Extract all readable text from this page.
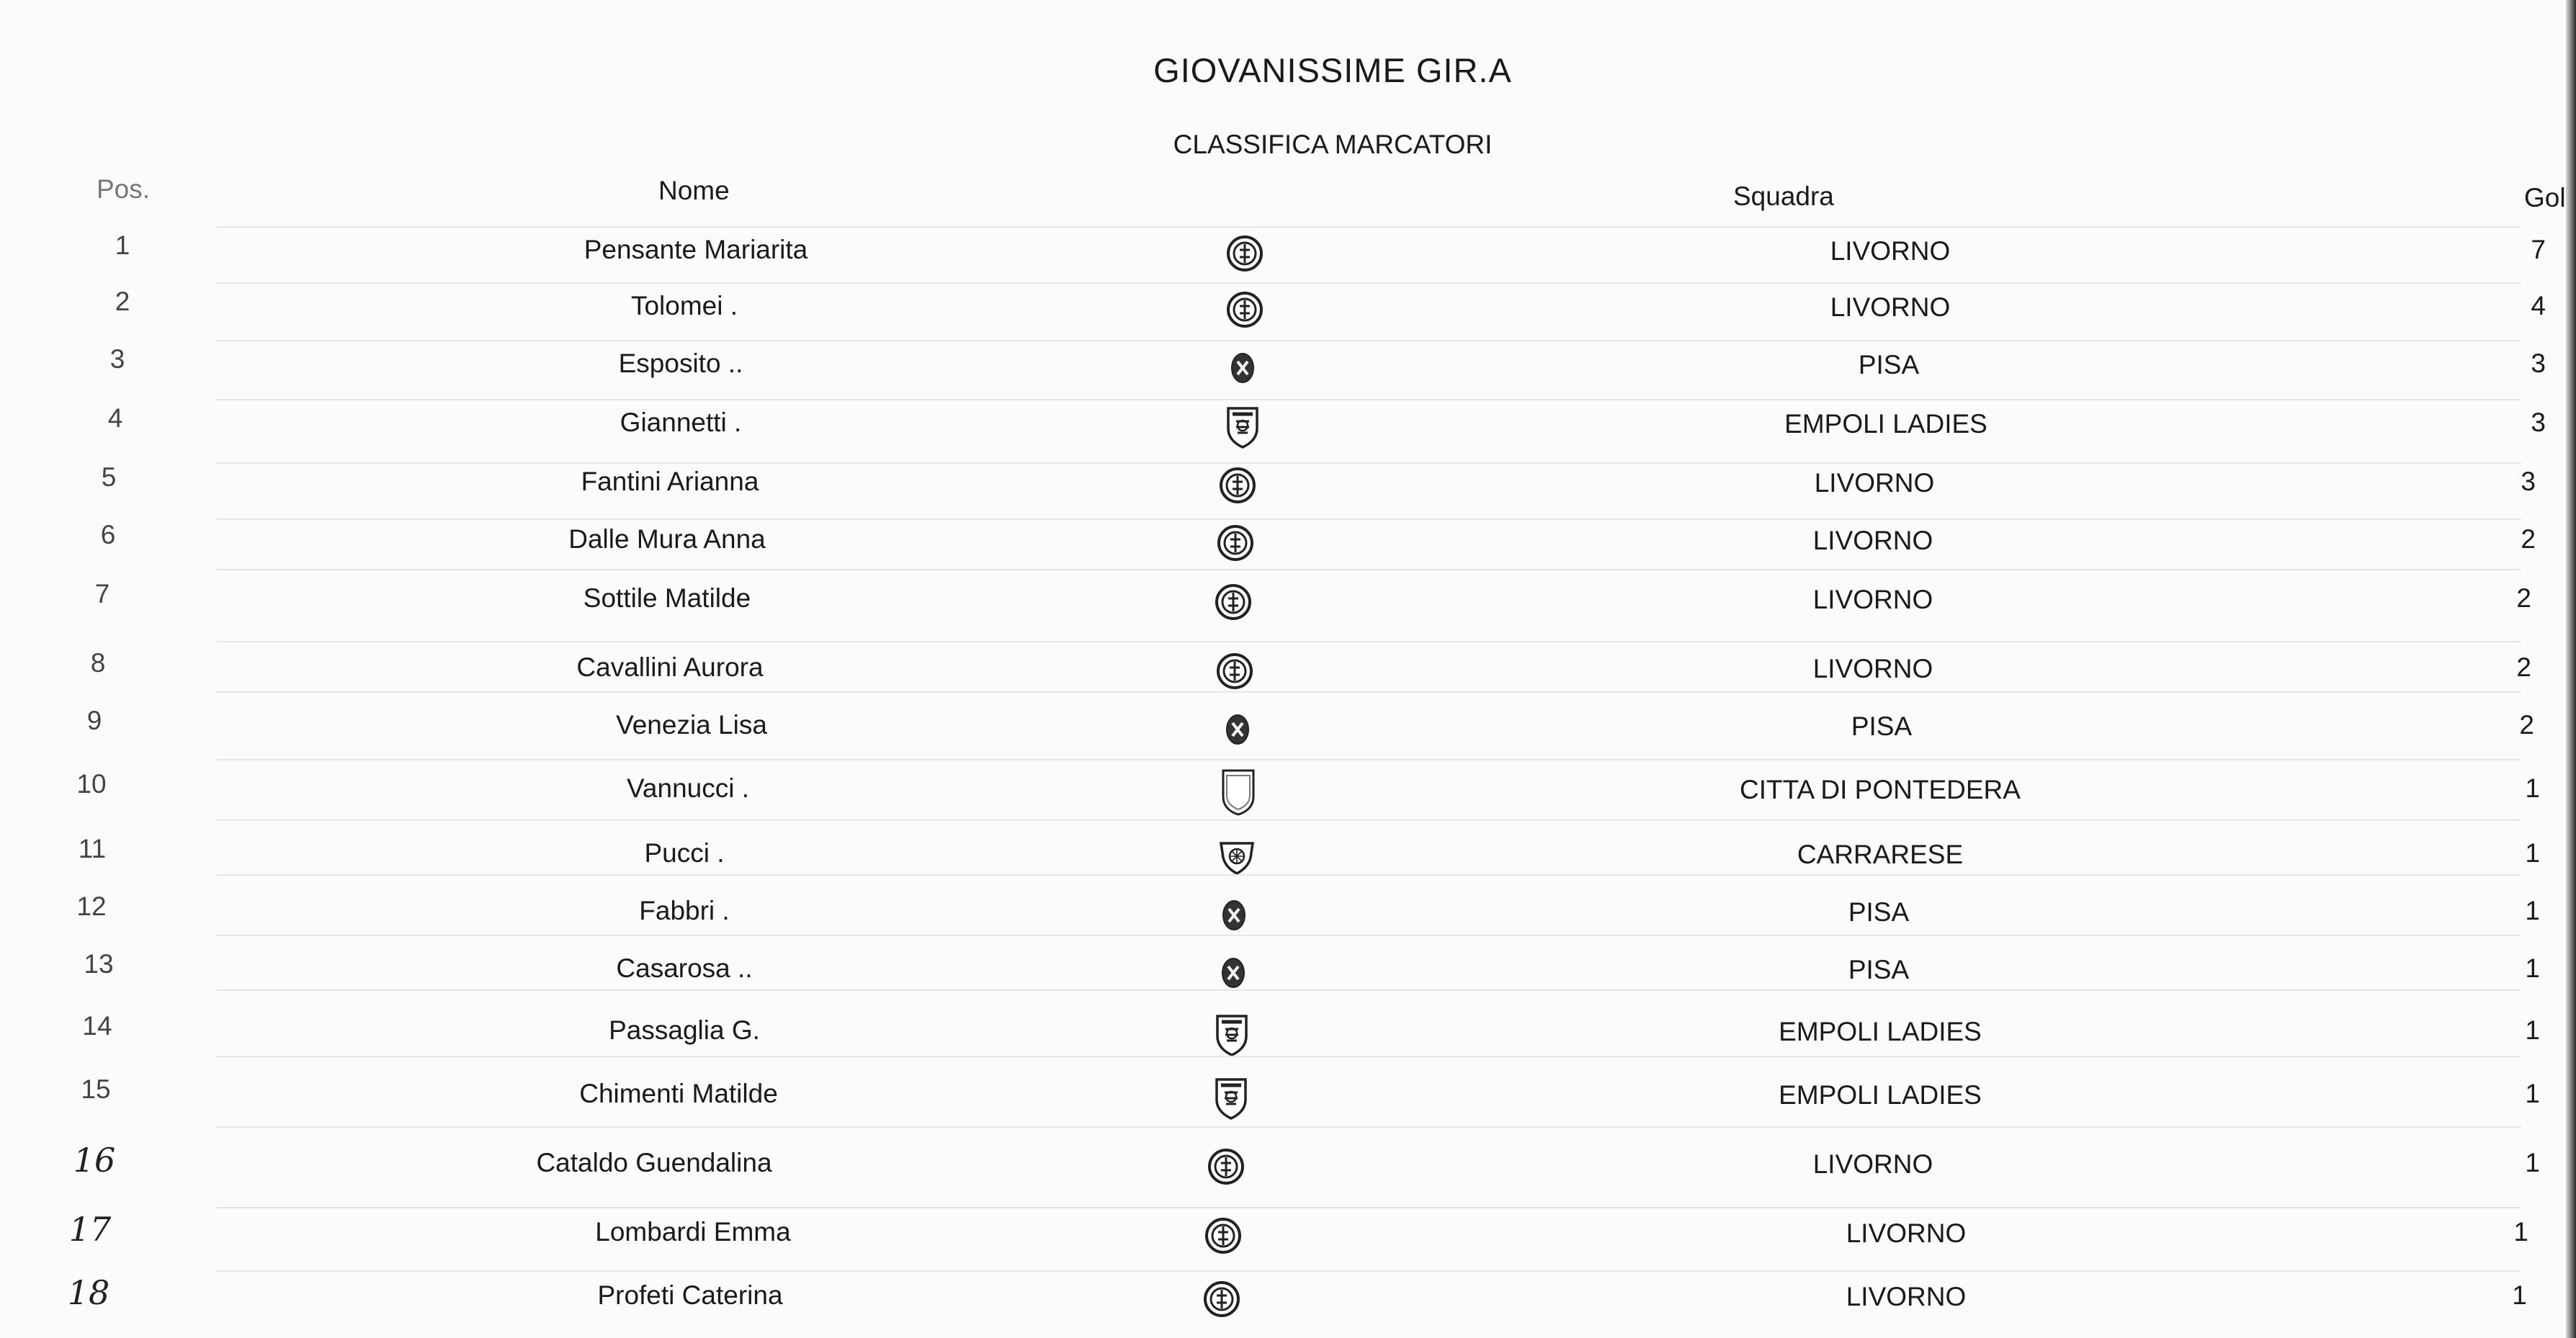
GIOVANISSIME GIR.A
CLASSIFICA MARCATORI
Pos.	Nome	Squadra	Gol
1	Pensante Mariarita	LIVORNO	7
2	Tolomei .	LIVORNO	4
3	Esposito ..	PISA	3
4	Giannetti .	EMPOLI LADIES	3
5	Fantini Arianna	LIVORNO	3
6	Dalle Mura Anna	LIVORNO	2
7	Sottile Matilde	LIVORNO	2
8	Cavallini Aurora	LIVORNO	2
9	Venezia Lisa	PISA	2
10	Vannucci .	CITTA DI PONTEDERA	1
11	Pucci .	CARRARESE	1
12	Fabbri .	PISA	1
13	Casarosa ..	PISA	1
14	Passaglia G.	EMPOLI LADIES	1
15	Chimenti Matilde	EMPOLI LADIES	1
16	Cataldo Guendalina	LIVORNO	1
17	Lombardi Emma	LIVORNO	1
18	Profeti Caterina	LIVORNO	1
